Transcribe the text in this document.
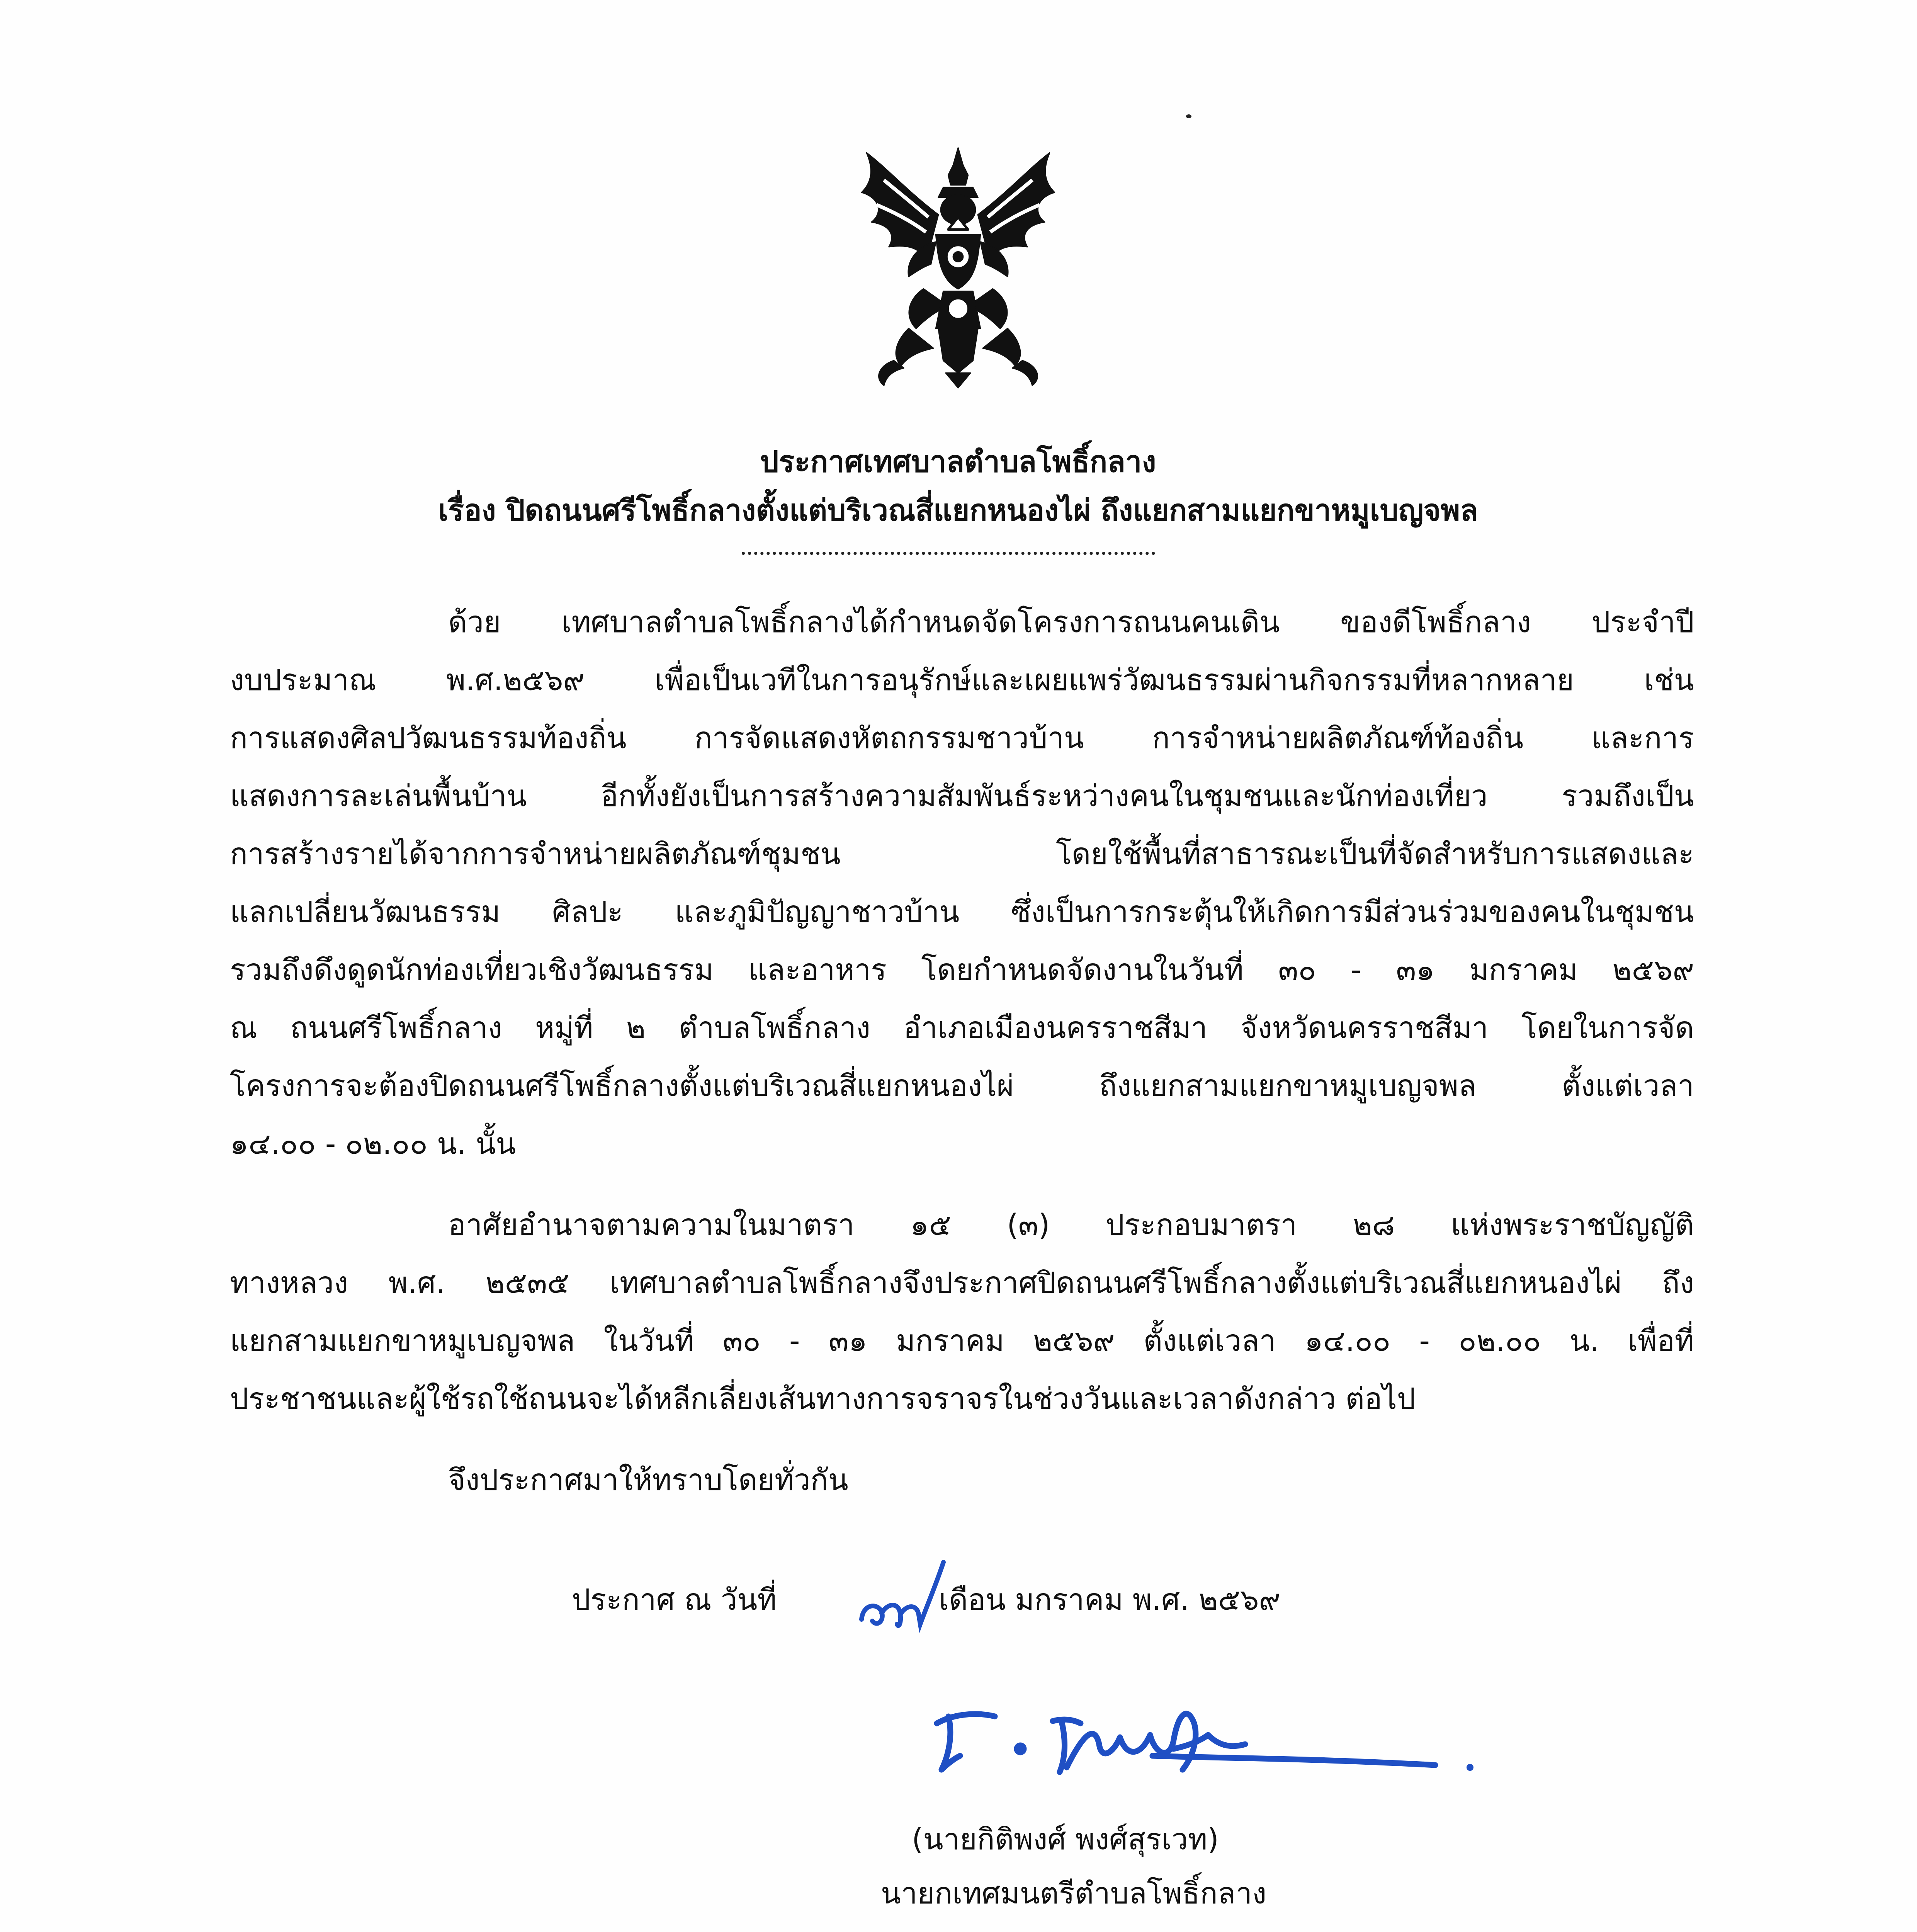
ประกาศเทศบาลตำบลโพธิ์กลาง
เรื่อง ปิดถนนศรีโพธิ์กลางตั้งแต่บริเวณสี่แยกหนองไผ่ ถึงแยกสามแยกขาหมูเบญจพล
ด้วย เทศบาลตำบลโพธิ์กลางได้กำหนดจัดโครงการถนนคนเดิน ของดีโพธิ์กลาง ประจำปี
งบประมาณ พ.ศ.๒๕๖๙ เพื่อเป็นเวทีในการอนุรักษ์และเผยแพร่วัฒนธรรมผ่านกิจกรรมที่หลากหลาย เช่น
การแสดงศิลปวัฒนธรรมท้องถิ่น การจัดแสดงหัตถกรรมชาวบ้าน การจำหน่ายผลิตภัณฑ์ท้องถิ่น และการ
แสดงการละเล่นพื้นบ้าน อีกทั้งยังเป็นการสร้างความสัมพันธ์ระหว่างคนในชุมชนและนักท่องเที่ยว รวมถึงเป็น
การสร้างรายได้จากการจำหน่ายผลิตภัณฑ์ชุมชน โดยใช้พื้นที่สาธารณะเป็นที่จัดสำหรับการแสดงและ
แลกเปลี่ยนวัฒนธรรม ศิลปะ และภูมิปัญญาชาวบ้าน ซึ่งเป็นการกระตุ้นให้เกิดการมีส่วนร่วมของคนในชุมชน
รวมถึงดึงดูดนักท่องเที่ยวเชิงวัฒนธรรม และอาหาร โดยกำหนดจัดงานในวันที่ ๓๐ - ๓๑ มกราคม ๒๕๖๙
ณ ถนนศรีโพธิ์กลาง หมู่ที่ ๒ ตำบลโพธิ์กลาง อำเภอเมืองนครราชสีมา จังหวัดนครราชสีมา โดยในการจัด
โครงการจะต้องปิดถนนศรีโพธิ์กลางตั้งแต่บริเวณสี่แยกหนองไผ่ ถึงแยกสามแยกขาหมูเบญจพล ตั้งแต่เวลา
๑๔.๐๐ - ๐๒.๐๐ น. นั้น
อาศัยอำนาจตามความในมาตรา ๑๕ (๓) ประกอบมาตรา ๒๘ แห่งพระราชบัญญัติ
ทางหลวง พ.ศ. ๒๕๓๕ เทศบาลตำบลโพธิ์กลางจึงประกาศปิดถนนศรีโพธิ์กลางตั้งแต่บริเวณสี่แยกหนองไผ่ ถึง
แยกสามแยกขาหมูเบญจพล ในวันที่ ๓๐ - ๓๑ มกราคม ๒๕๖๙ ตั้งแต่เวลา ๑๔.๐๐ - ๐๒.๐๐ น. เพื่อที่
ประชาชนและผู้ใช้รถใช้ถนนจะได้หลีกเลี่ยงเส้นทางการจราจรในช่วงวันและเวลาดังกล่าว ต่อไป
จึงประกาศมาให้ทราบโดยทั่วกัน
ประกาศ ณ วันที่	เดือน มกราคม พ.ศ. ๒๕๖๙
(นายกิติพงศ์ พงศ์สุรเวท)
นายกเทศมนตรีตำบลโพธิ์กลาง
